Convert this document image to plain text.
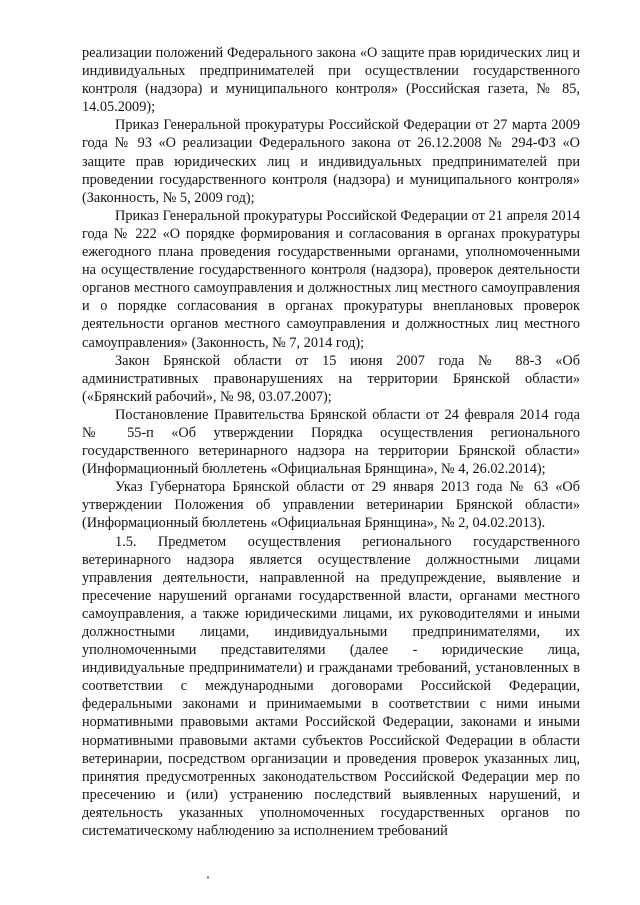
реализации положений Федерального закона «О защите прав юридических лиц и индивидуальных предпринимателей при осуществлении государственного контроля (надзора) и муниципального контроля» (Российская газета, № 85, 14.05.2009);

Приказ Генеральной прокуратуры Российской Федерации от 27 марта 2009 года № 93 «О реализации Федерального закона от 26.12.2008 № 294-ФЗ «О защите прав юридических лиц и индивидуальных предпринимателей при проведении государственного контроля (надзора) и муниципального контроля» (Законность, № 5, 2009 год);

Приказ Генеральной прокуратуры Российской Федерации от 21 апреля 2014 года № 222 «О порядке формирования и согласования в органах прокуратуры ежегодного плана проведения государственными органами, уполномоченными на осуществление государственного контроля (надзора), проверок деятельности органов местного самоуправления и должностных лиц местного самоуправления и о порядке согласования в органах прокуратуры внеплановых проверок деятельности органов местного самоуправления и должностных лиц местного самоуправления» (Законность, № 7, 2014 год);

Закон Брянской области от 15 июня 2007 года № 88-З «Об административных правонарушениях на территории Брянской области» («Брянский рабочий», № 98, 03.07.2007);

Постановление Правительства Брянской области от 24 февраля 2014 года № 55-п «Об утверждении Порядка осуществления регионального государственного ветеринарного надзора на территории Брянской области» (Информационный бюллетень «Официальная Брянщина», № 4, 26.02.2014);

Указ Губернатора Брянской области от 29 января 2013 года № 63 «Об утверждении Положения об управлении ветеринарии Брянской области» (Информационный бюллетень «Официальная Брянщина», № 2, 04.02.2013).

1.5. Предметом осуществления регионального государственного ветеринарного надзора является осуществление должностными лицами управления деятельности, направленной на предупреждение, выявление и пресечение нарушений органами государственной власти, органами местного самоуправления, а также юридическими лицами, их руководителями и иными должностными лицами, индивидуальными предпринимателями, их уполномоченными представителями (далее - юридические лица, индивидуальные предприниматели) и гражданами требований, установленных в соответствии с международными договорами Российской Федерации, федеральными законами и принимаемыми в соответствии с ними иными нормативными правовыми актами Российской Федерации, законами и иными нормативными правовыми актами субъектов Российской Федерации в области ветеринарии, посредством организации и проведения проверок указанных лиц, принятия предусмотренных законодательством Российской Федерации мер по пресечению и (или) устранению последствий выявленных нарушений, и деятельность указанных уполномоченных государственных органов по систематическому наблюдению за исполнением требований
